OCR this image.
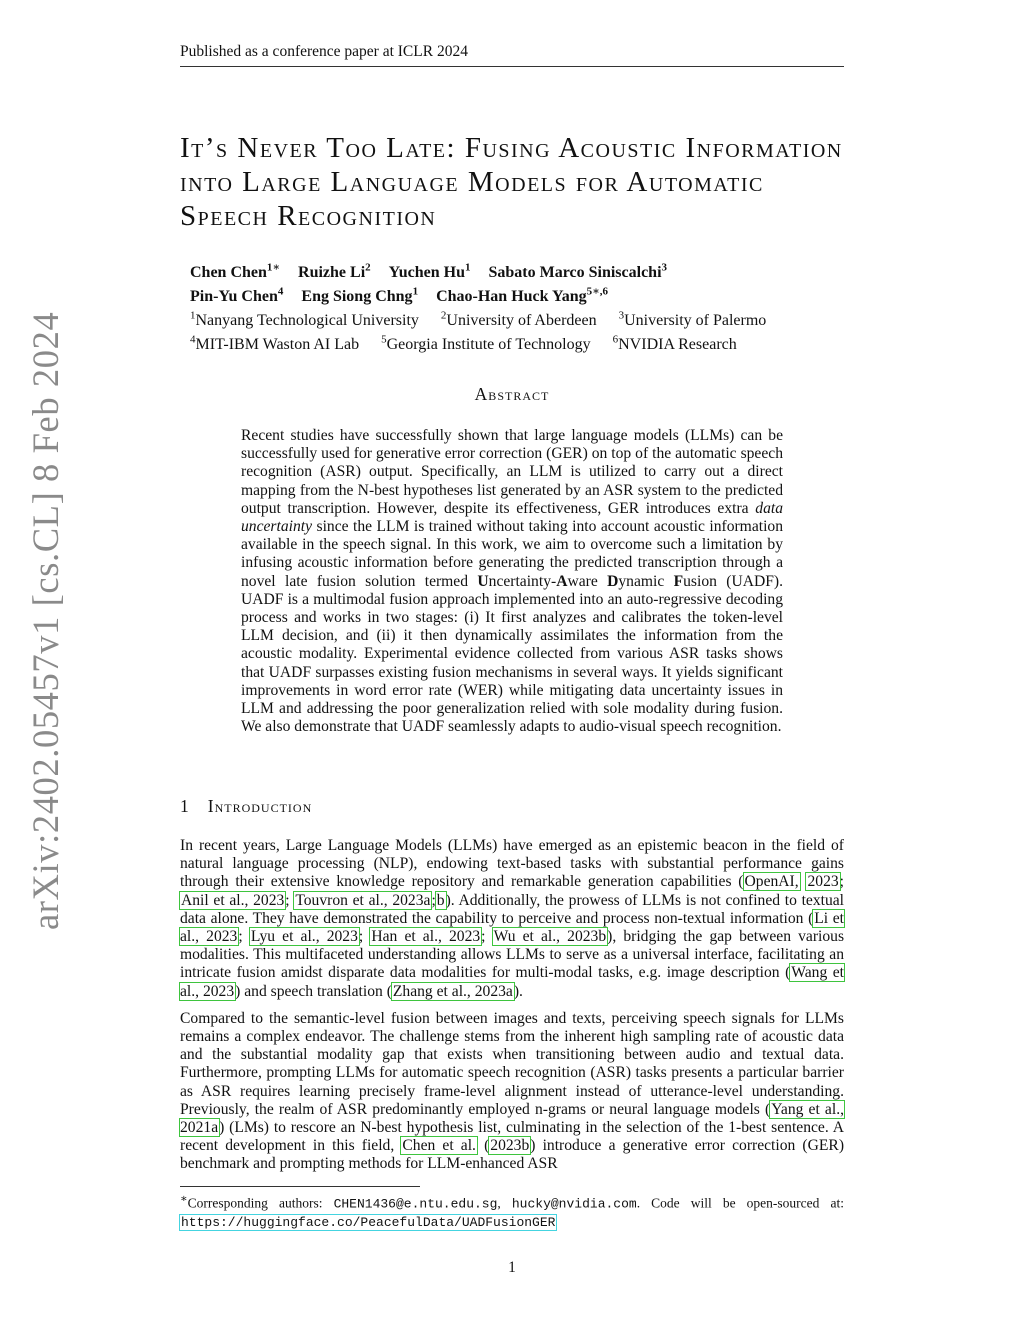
Published as a conference paper at ICLR 2024
arXiv:2402.05457v1 [cs.CL] 8 Feb 2024
It’s Never Too Late: Fusing Acoustic Information into Large Language Models for Automatic Speech Recognition
Chen Chen$^{1∗}$ Ruizhe Li$^2$ Yuchen Hu$^1$ Sabato Marco Siniscalchi$^3$
Pin-Yu Chen$^4$ Eng Siong Chng$^1$ Chao-Han Huck Yang$^{5∗,6}$
$^1$Nanyang Technological University $^2$University of Aberdeen $^3$University of Palermo
$^4$MIT-IBM Waston AI Lab $^5$Georgia Institute of Technology $^6$NVIDIA Research
Abstract

Recent studies have successfully shown that large language models (LLMs) can be successfully used for generative error correction (GER) on top of the automatic speech recognition (ASR) output. Specifically, an LLM is utilized to carry out a direct mapping from the N-best hypotheses list generated by an ASR system to the predicted output transcription. However, despite its effectiveness, GER introduces extra data uncertainty since the LLM is trained without taking into account acoustic information available in the speech signal. In this work, we aim to overcome such a limitation by infusing acoustic information before generating the predicted transcription through a novel late fusion solution termed Uncertainty-Aware Dynamic Fusion (UADF). UADF is a multimodal fusion approach implemented into an auto-regressive decoding process and works in two stages: (i) It first analyzes and calibrates the token-level LLM decision, and (ii) it then dynamically assimilates the information from the acoustic modality. Experimental evidence collected from various ASR tasks shows that UADF surpasses existing fusion mechanisms in several ways. It yields significant improvements in word error rate (WER) while mitigating data uncertainty issues in LLM and addressing the poor generalization relied with sole modality during fusion. We also demonstrate that UADF seamlessly adapts to audio-visual speech recognition.

1 Introduction

In recent years, Large Language Models (LLMs) have emerged as an epistemic beacon in the field of natural language processing (NLP), endowing text-based tasks with substantial performance gains through their extensive knowledge repository and remarkable generation capabilities (OpenAI, 2023; Anil et al., 2023; Touvron et al., 2023a;b). Additionally, the prowess of LLMs is not confined to textual data alone. They have demonstrated the capability to perceive and process non-textual information (Li et al., 2023; Lyu et al., 2023; Han et al., 2023; Wu et al., 2023b), bridging the gap between various modalities. This multifaceted understanding allows LLMs to serve as a universal interface, facilitating an intricate fusion amidst disparate data modalities for multi-modal tasks, e.g. image description (Wang et al., 2023) and speech translation (Zhang et al., 2023a).

Compared to the semantic-level fusion between images and texts, perceiving speech signals for LLMs remains a complex endeavor. The challenge stems from the inherent high sampling rate of acoustic data and the substantial modality gap that exists when transitioning between audio and textual data. Furthermore, prompting LLMs for automatic speech recognition (ASR) tasks presents a particular barrier as ASR requires learning precisely frame-level alignment instead of utterance-level understanding. Previously, the realm of ASR predominantly employed n-grams or neural language models (Yang et al., 2021a) (LMs) to rescore an N-best hypothesis list, culminating in the selection of the 1-best sentence. A recent development in this field, Chen et al. (2023b) introduce a generative error correction (GER) benchmark and prompting methods for LLM-enhanced ASR

∗Corresponding authors: CHEN1436@e.ntu.edu.sg, hucky@nvidia.com. Code will be open-sourced at: https://huggingface.co/PeacefulData/UADFusionGER

1
